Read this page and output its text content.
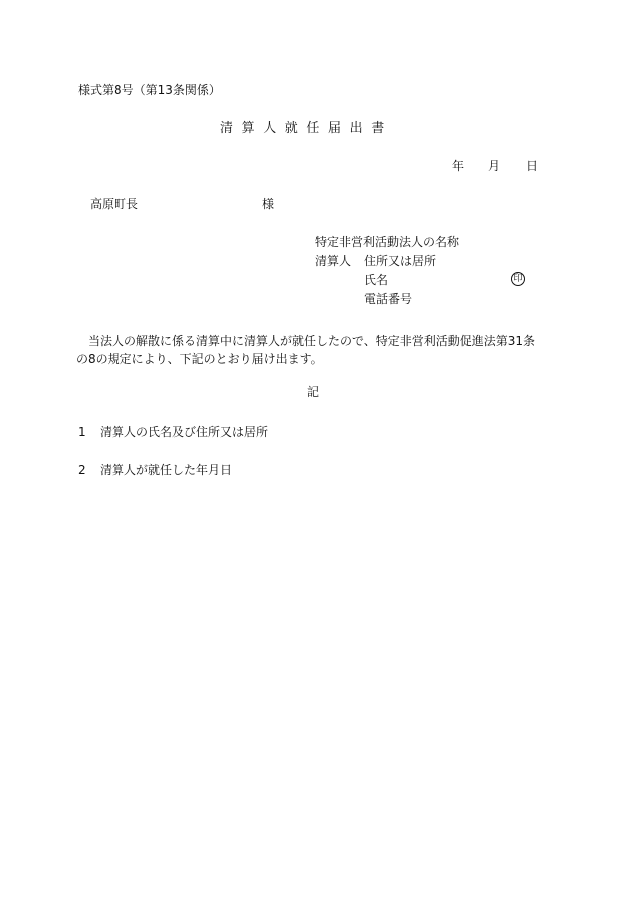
様式第8号（第13条関係）
清算人就任届出書
年 月 日
高原町長	様
特定非営利活動法人の名称
清算人 住所又は居所
氏名	印
電話番号
当法人の解散に係る清算中に清算人が就任したので、特定非営利活動促進法第31条
の8の規定により、下記のとおり届け出ます。
記
1 清算人の氏名及び住所又は居所
2 清算人が就任した年月日
